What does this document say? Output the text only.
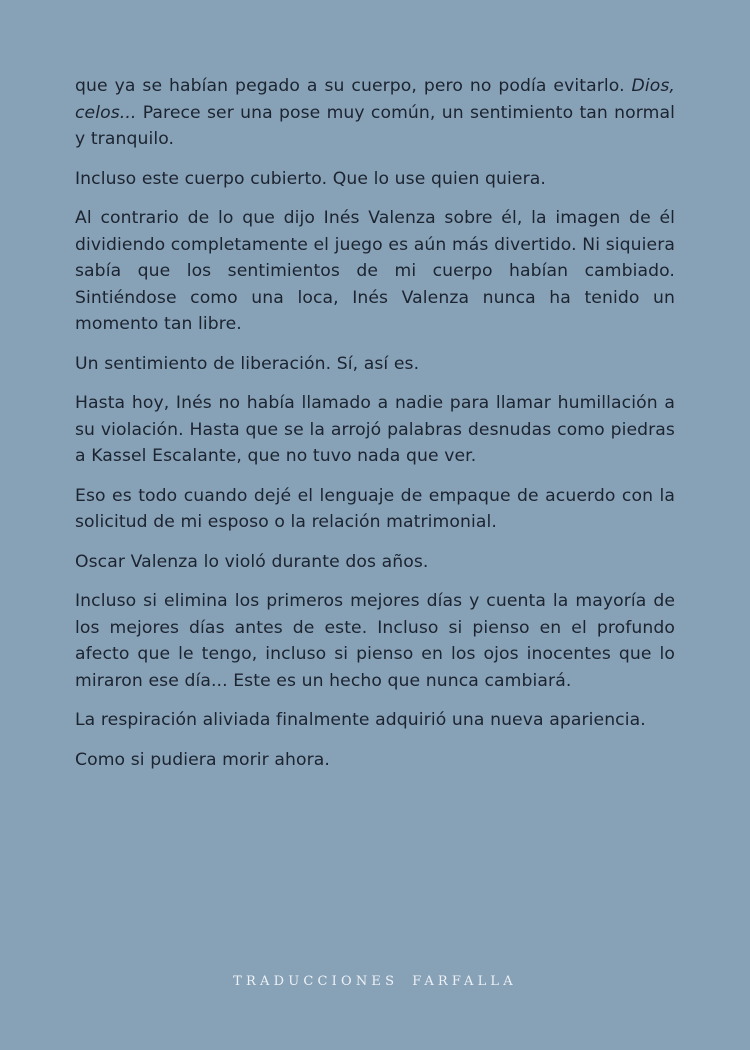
que ya se habían pegado a su cuerpo, pero no podía evitarlo. Dios, celos... Parece ser una pose muy común, un sentimiento tan normal y tranquilo.

Incluso este cuerpo cubierto. Que lo use quien quiera.

Al contrario de lo que dijo Inés Valenza sobre él, la imagen de él dividiendo completamente el juego es aún más divertido. Ni siquiera sabía que los sentimientos de mi cuerpo habían cambiado. Sintiéndose como una loca, Inés Valenza nunca ha tenido un momento tan libre.

Un sentimiento de liberación. Sí, así es.

Hasta hoy, Inés no había llamado a nadie para llamar humillación a su violación. Hasta que se la arrojó palabras desnudas como piedras a Kassel Escalante, que no tuvo nada que ver.

Eso es todo cuando dejé el lenguaje de empaque de acuerdo con la solicitud de mi esposo o la relación matrimonial.

Oscar Valenza lo violó durante dos años.

Incluso si elimina los primeros mejores días y cuenta la mayoría de los mejores días antes de este. Incluso si pienso en el profundo afecto que le tengo, incluso si pienso en los ojos inocentes que lo miraron ese día... Este es un hecho que nunca cambiará.

La respiración aliviada finalmente adquirió una nueva apariencia.

Como si pudiera morir ahora.

TRADUCCIONES FARFALLA
